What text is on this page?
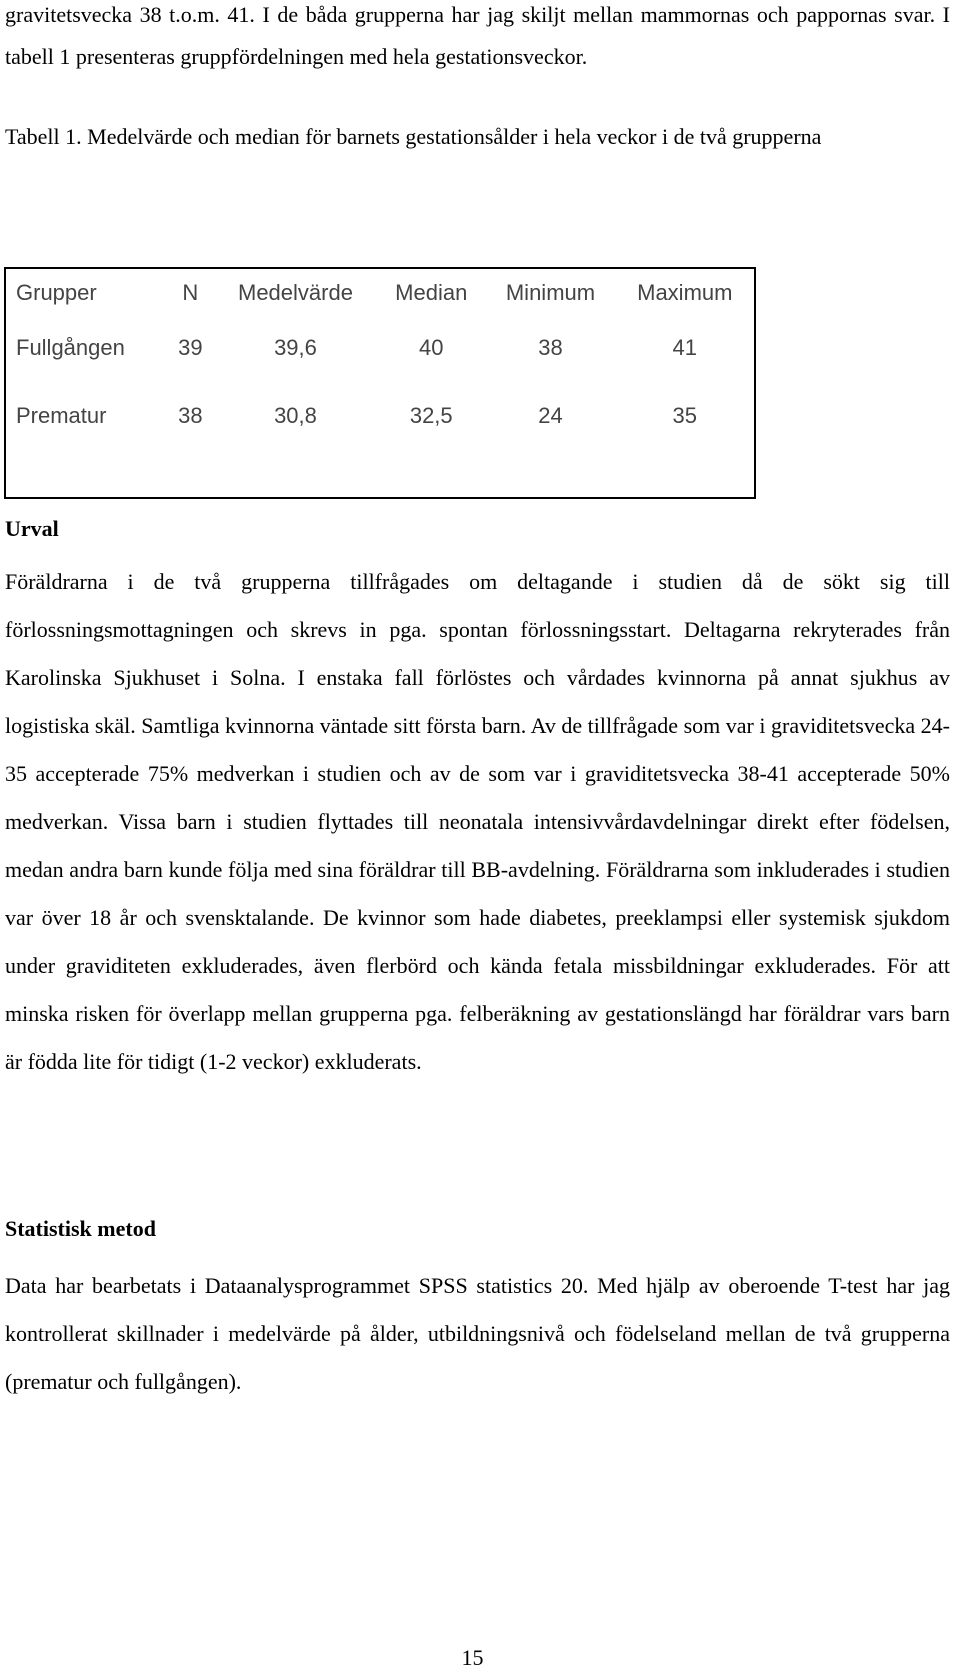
gravitetsvecka 38 t.o.m. 41. I de båda grupperna har jag skiljt mellan mammornas och pappornas svar. I tabell 1 presenteras gruppfördelningen med hela gestationsveckor.

Tabell 1. Medelvärde och median för barnets gestationsålder i hela veckor i de två grupperna

Grupper	N	Medelvärde	Median	Minimum	Maximum
Fullgången	39	39,6	40	38	41
Prematur	38	30,8	32,5	24	35
Urval

Föräldrarna i de två grupperna tillfrågades om deltagande i studien då de sökt sig till förlossningsmottagningen och skrevs in pga. spontan förlossningsstart. Deltagarna rekryterades från Karolinska Sjukhuset i Solna. I enstaka fall förlöstes och vårdades kvinnorna på annat sjukhus av logistiska skäl. Samtliga kvinnorna väntade sitt första barn. Av de tillfrågade som var i graviditetsvecka 24-35 accepterade 75% medverkan i studien och av de som var i graviditetsvecka 38-41 accepterade 50% medverkan. Vissa barn i studien flyttades till neonatala intensivvårdavdelningar direkt efter födelsen, medan andra barn kunde följa med sina föräldrar till BB-avdelning. Föräldrarna som inkluderades i studien var över 18 år och svensktalande. De kvinnor som hade diabetes, preeklampsi eller systemisk sjukdom under graviditeten exkluderades, även flerbörd och kända fetala missbildningar exkluderades. För att minska risken för överlapp mellan grupperna pga. felberäkning av gestationslängd har föräldrar vars barn är födda lite för tidigt (1-2 veckor) exkluderats.

Statistisk metod

Data har bearbetats i Dataanalysprogrammet SPSS statistics 20. Med hjälp av oberoende T-test har jag kontrollerat skillnader i medelvärde på ålder, utbildningsnivå och födelseland mellan de två grupperna (prematur och fullgången).

15
